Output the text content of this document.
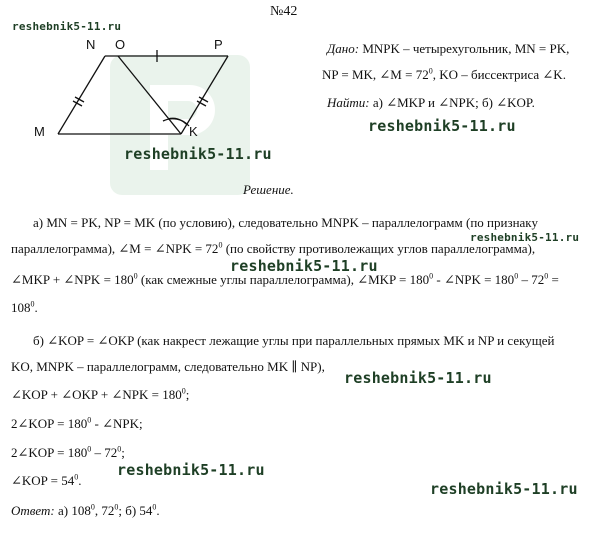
№42
reshebnik5-11.ru
N O	P
M	K
Дано: MNPK – четырехугольник, MN = PK,
NP = MK, ∠M = $72^0$, KO – биссектриса ∠K.
Найти: а) ∠MKP и ∠NPK; б) ∠KOP.
reshebnik5-11.ru
reshebnik5-11.ru
Решение.
а) MN = PK, NP = MK (по условию), следовательно MNPK – параллелограмм (по признаку
reshebnik5-11.ru
параллелограмма), ∠M = ∠NPK = $72^0$ (по свойству противолежащих углов параллелограмма),
reshebnik5-11.ru
∠MKP + ∠NPK = $180^0$ (как смежные углы параллелограмма), ∠MKP = $180^0$ - ∠NPK = $180^0 - 72^0$ =
$108^0$.
б) ∠KOP = ∠OKP (как накрест лежащие углы при параллельных прямых MK и NP и секущей
KO, MNPK – параллелограмм, следовательно MK ∥ NP),
reshebnik5-11.ru
∠KOP + ∠OKP + ∠NPK = $180^0$;
2∠KOP = $180^0$ - ∠NPK;
2∠KOP = $180^0 - 72^0$;
reshebnik5-11.ru
∠KOP = $54^0$.	reshebnik5-11.ru
Ответ: а) $108^0$, $72^0$; б) $54^0$.
